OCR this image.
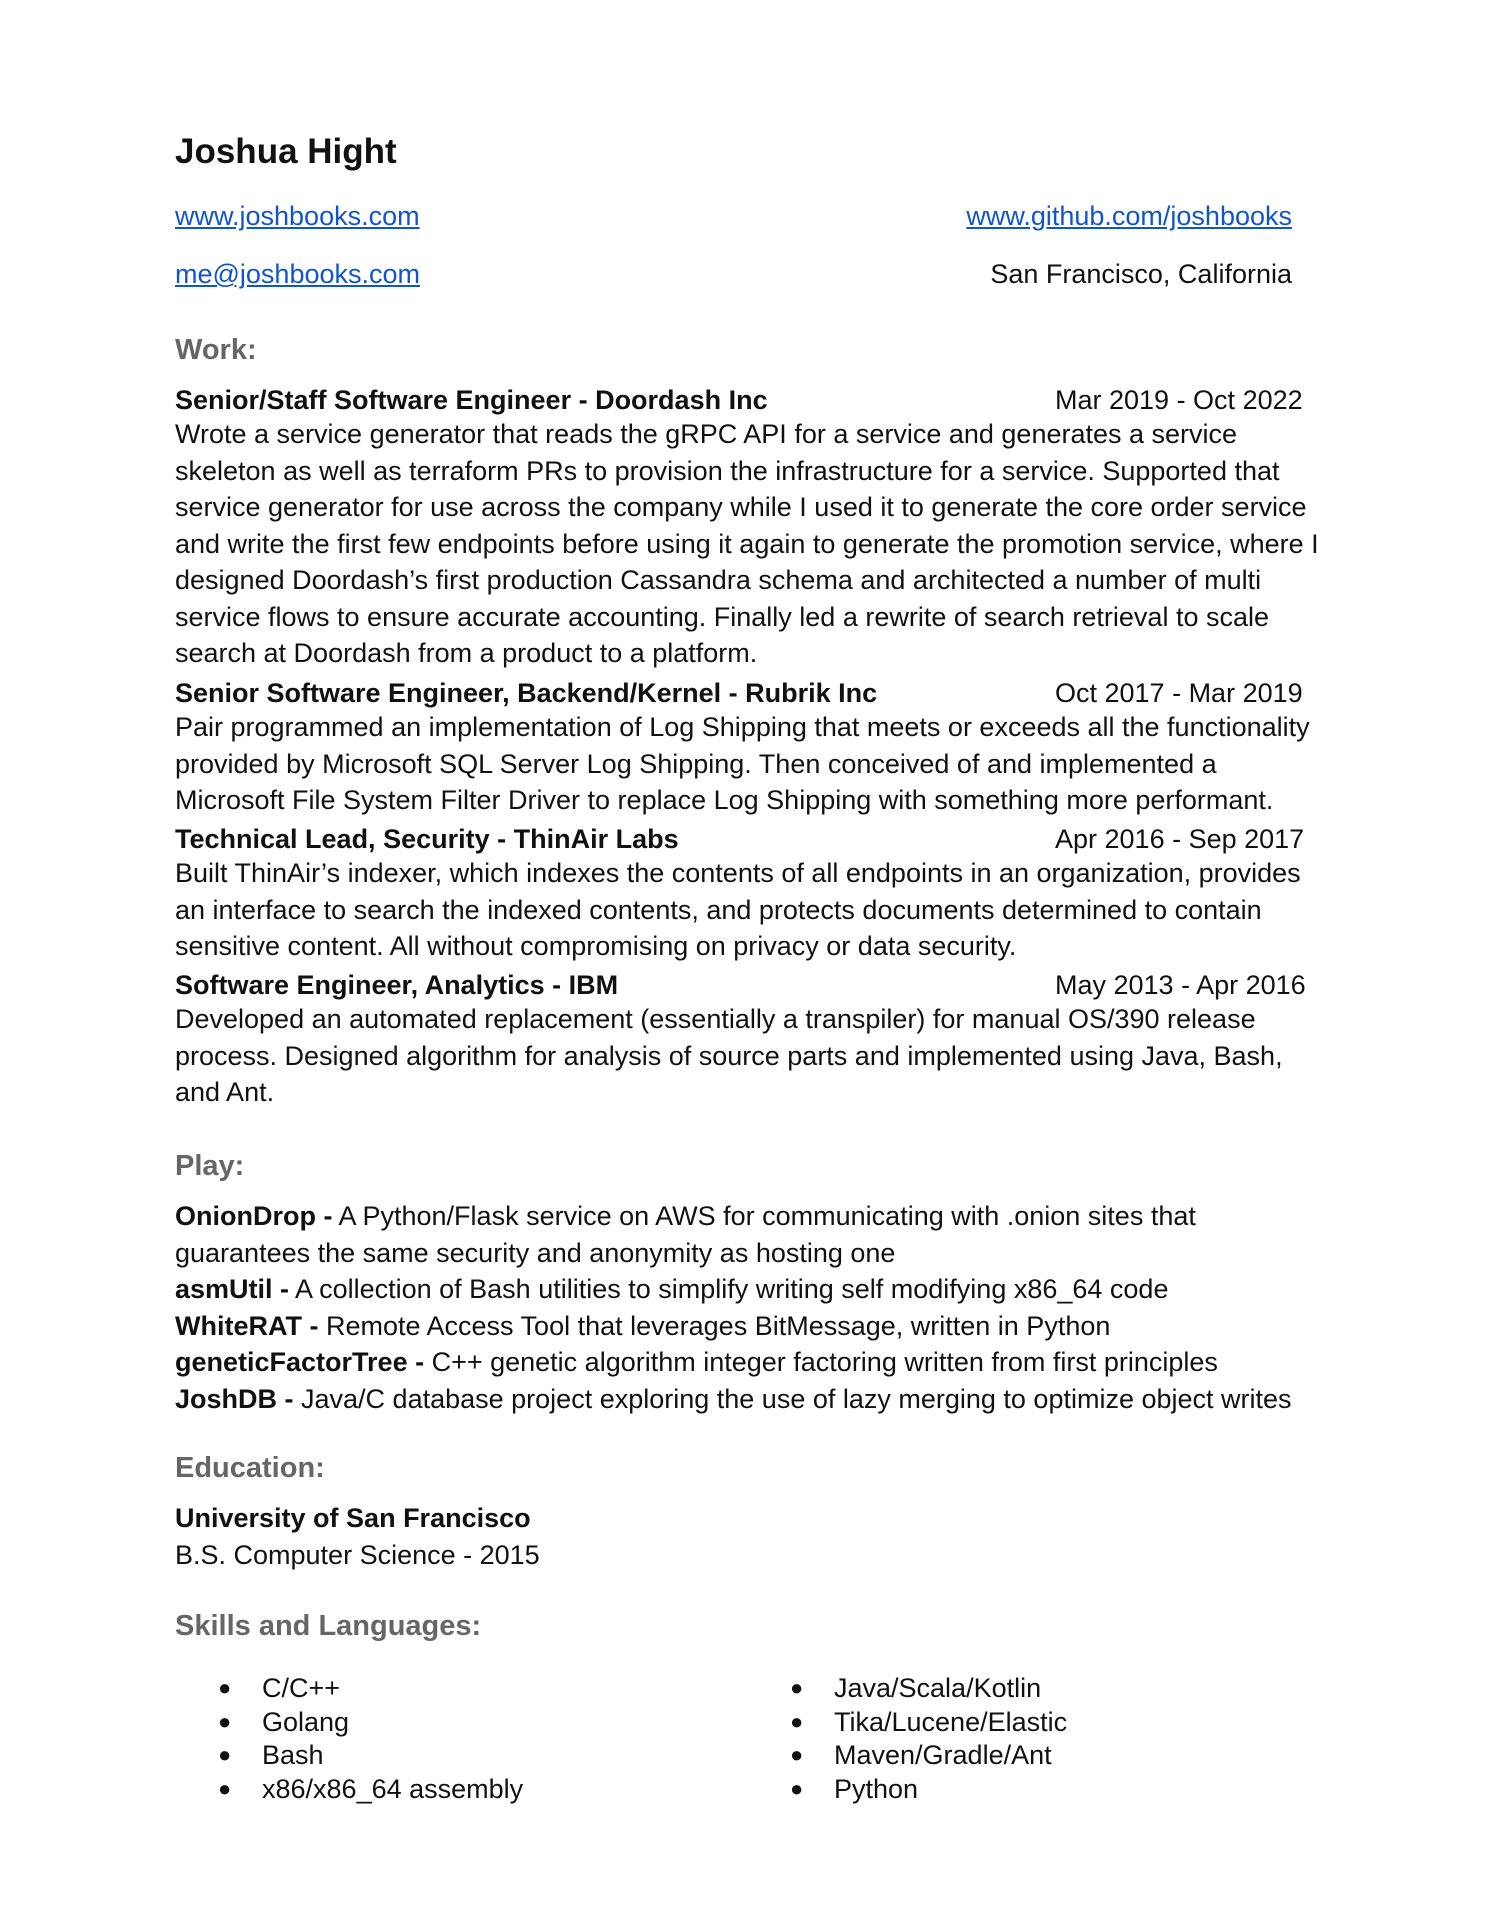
Joshua Hight
www.joshbooks.com	www.github.com/joshbooks
me@joshbooks.com	San Francisco, California
Work:
Senior/Staff Software Engineer - Doordash Inc	Mar 2019 - Oct 2022
Wrote a service generator that reads the gRPC API for a service and generates a service
skeleton as well as terraform PRs to provision the infrastructure for a service. Supported that
service generator for use across the company while I used it to generate the core order service
and write the first few endpoints before using it again to generate the promotion service, where I
designed Doordash’s first production Cassandra schema and architected a number of multi
service flows to ensure accurate accounting. Finally led a rewrite of search retrieval to scale
search at Doordash from a product to a platform.
Senior Software Engineer, Backend/Kernel - Rubrik Inc	Oct 2017 - Mar 2019
Pair programmed an implementation of Log Shipping that meets or exceeds all the functionality
provided by Microsoft SQL Server Log Shipping. Then conceived of and implemented a
Microsoft File System Filter Driver to replace Log Shipping with something more performant.
Technical Lead, Security - ThinAir Labs	Apr 2016 - Sep 2017
Built ThinAir’s indexer, which indexes the contents of all endpoints in an organization, provides
an interface to search the indexed contents, and protects documents determined to contain
sensitive content. All without compromising on privacy or data security.
Software Engineer, Analytics - IBM	May 2013 - Apr 2016
Developed an automated replacement (essentially a transpiler) for manual OS/390 release
process. Designed algorithm for analysis of source parts and implemented using Java, Bash,
and Ant.
Play:
OnionDrop - A Python/Flask service on AWS for communicating with .onion sites that
guarantees the same security and anonymity as hosting one
asmUtil - A collection of Bash utilities to simplify writing self modifying x86_64 code
WhiteRAT - Remote Access Tool that leverages BitMessage, written in Python
geneticFactorTree - C++ genetic algorithm integer factoring written from first principles
JoshDB - Java/C database project exploring the use of lazy merging to optimize object writes
Education:
University of San Francisco
B.S. Computer Science - 2015
Skills and Languages:
● C/C++
● Golang
● Bash
● x86/x86_64 assembly
● Java/Scala/Kotlin
● Tika/Lucene/Elastic
● Maven/Gradle/Ant
● Python
